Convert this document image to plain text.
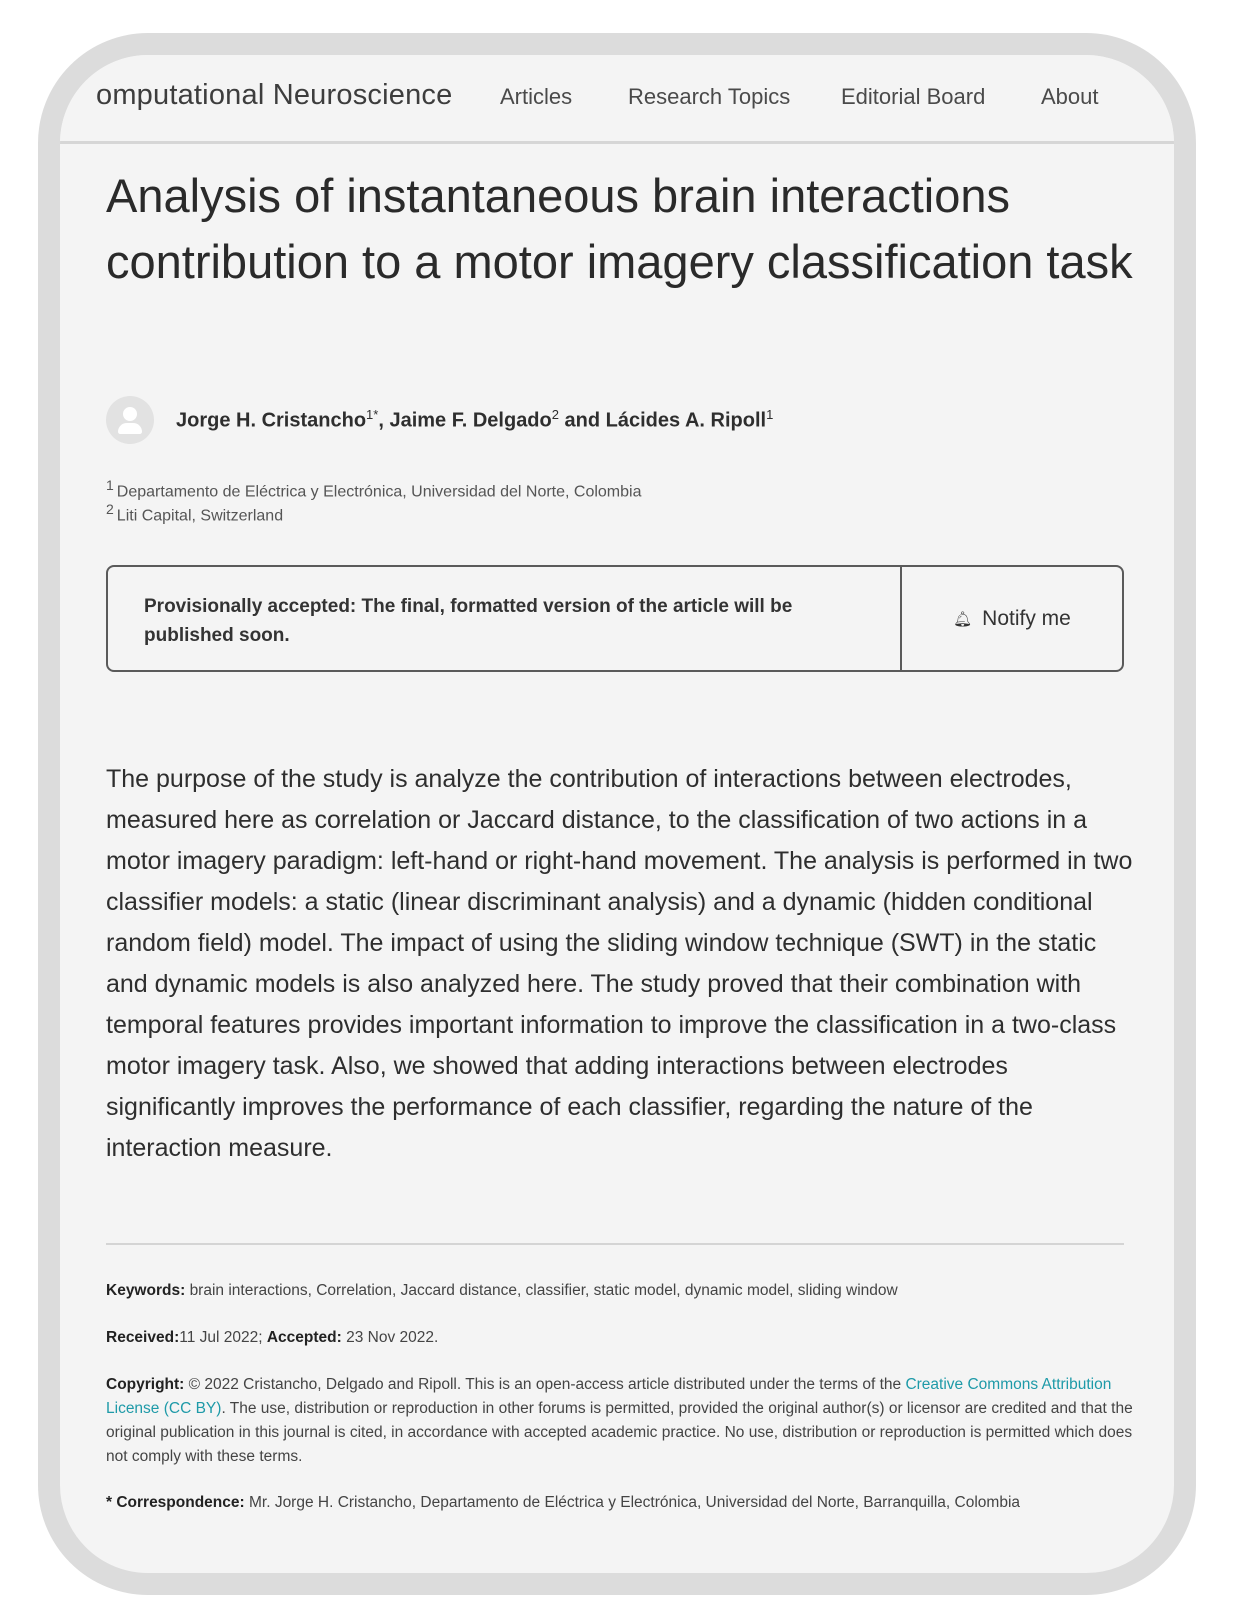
omputational Neuroscience Articles	Research Topics Editorial Board	About
Analysis of instantaneous brain interactions contribution to a motor imagery classification task
Jorge H. Cristancho$^{1*}$, Jaime F. Delgado$^2$ and Lácides A. Ripoll$^1$
$^1$ Departamento de Eléctrica y Electrónica, Universidad del Norte, Colombia
$^2$ Liti Capital, Switzerland
Provisionally accepted: The final, formatted version of the article will be published soon.
🔔︎ Notify me

The purpose of the study is analyze the contribution of interactions between electrodes, measured here as correlation or Jaccard distance, to the classification of two actions in a motor imagery paradigm: left-hand or right-hand movement. The analysis is performed in two classifier models: a static (linear discriminant analysis) and a dynamic (hidden conditional random field) model. The impact of using the sliding window technique (SWT) in the static and dynamic models is also analyzed here. The study proved that their combination with temporal features provides important information to improve the classification in a two-class motor imagery task. Also, we showed that adding interactions between electrodes significantly improves the performance of each classifier, regarding the nature of the interaction measure.

Keywords: brain interactions, Correlation, Jaccard distance, classifier, static model, dynamic model, sliding window

Received:11 Jul 2022; Accepted: 23 Nov 2022.

Copyright: © 2022 Cristancho, Delgado and Ripoll. This is an open-access article distributed under the terms of the Creative Commons Attribution License (CC BY). The use, distribution or reproduction in other forums is permitted, provided the original author(s) or licensor are credited and that the original publication in this journal is cited, in accordance with accepted academic practice. No use, distribution or reproduction is permitted which does not comply with these terms.

* Correspondence: Mr. Jorge H. Cristancho, Departamento de Eléctrica y Electrónica, Universidad del Norte, Barranquilla, Colombia
